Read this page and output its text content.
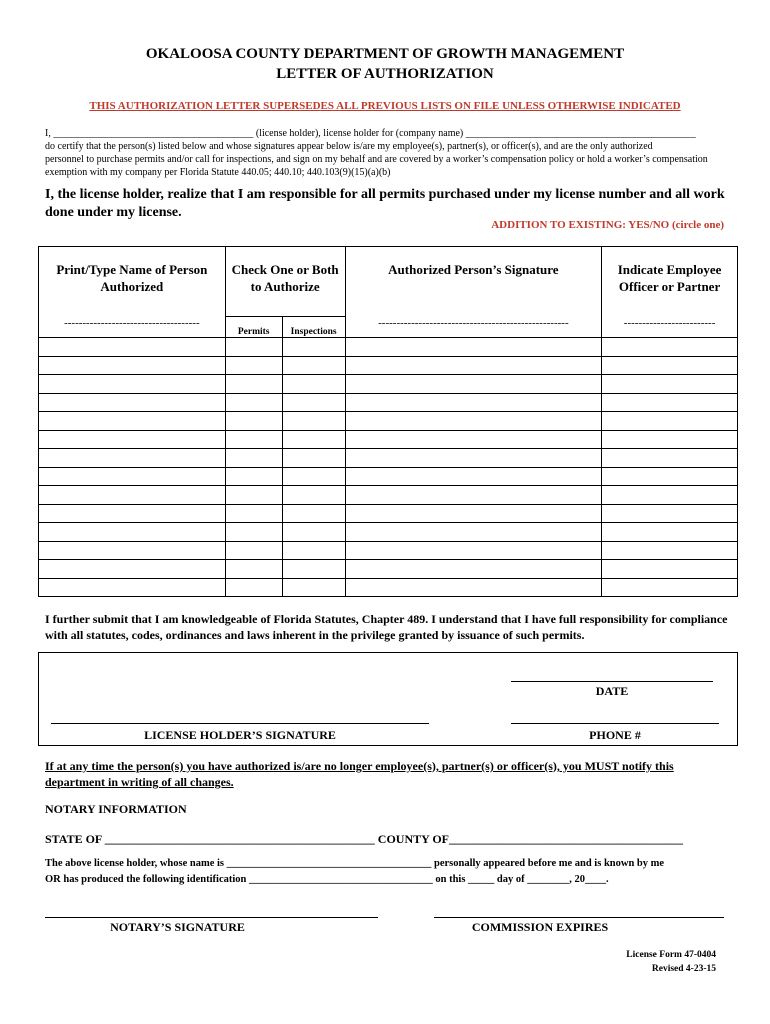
OKALOOSA COUNTY DEPARTMENT OF GROWTH MANAGEMENT
LETTER OF AUTHORIZATION
THIS AUTHORIZATION LETTER SUPERSEDES ALL PREVIOUS LISTS ON FILE UNLESS OTHERWISE INDICATED
I, ________________________________________ (license holder), license holder for (company name) ______________________________________________
do certify that the person(s) listed below and whose signatures appear below is/are my employee(s), partner(s), or officer(s), and are the only authorized
personnel to purchase permits and/or call for inspections, and sign on my behalf and are covered by a worker’s compensation policy or hold a worker’s compensation
exemption with my company per Florida Statute 440.05; 440.10; 440.103(9)(15)(a)(b)
I, the license holder, realize that I am responsible for all permits purchased under my license number and all work done under my license.
ADDITION TO EXISTING: YES/NO (circle one)
Print/Type Name of Person Authorized	Check One or Both to Authorize		Authorized Person’s Signature	Indicate Employee Officer or Partner
-------------------------------------	Permits	Inspections	----------------------------------------------------	-------------------------

I further submit that I am knowledgeable of Florida Statutes, Chapter 489. I understand that I have full responsibility for compliance with all statutes, codes, ordinances and laws inherent in the privilege granted by issuance of such permits.
DATE
LICENSE HOLDER’S SIGNATURE	PHONE #
If at any time the person(s) you have authorized is/are no longer employee(s), partner(s) or officer(s), you MUST notify this department in writing of all changes.
NOTARY INFORMATION
STATE OF _____________________________________________ COUNTY OF_______________________________________
The above license holder, whose name is _______________________________________ personally appeared before me and is known by me
OR has produced the following identification ___________________________________ on this _____ day of ________, 20____.
NOTARY’S SIGNATURE	COMMISSION EXPIRES
License Form 47-0404
Revised 4-23-15
